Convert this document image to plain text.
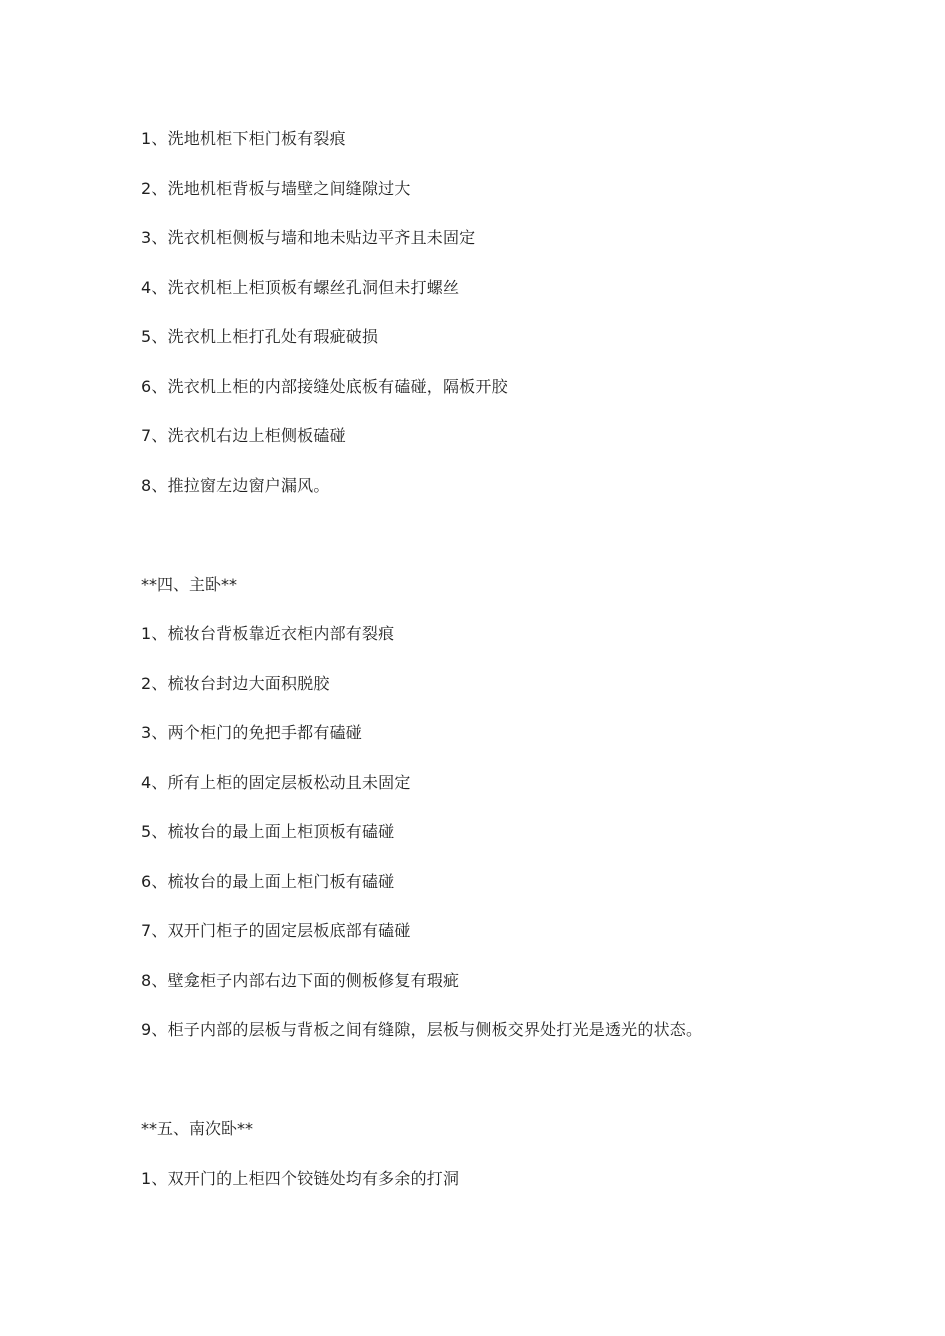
1、洗地机柜下柜门板有裂痕
2、洗地机柜背板与墙壁之间缝隙过大
3、洗衣机柜侧板与墙和地未贴边平齐且未固定
4、洗衣机柜上柜顶板有螺丝孔洞但未打螺丝
5、洗衣机上柜打孔处有瑕疵破损
6、洗衣机上柜的内部接缝处底板有磕碰，隔板开胶
7、洗衣机右边上柜侧板磕碰
8、推拉窗左边窗户漏风。
**四、主卧**
1、梳妆台背板靠近衣柜内部有裂痕
2、梳妆台封边大面积脱胶
3、两个柜门的免把手都有磕碰
4、所有上柜的固定层板松动且未固定
5、梳妆台的最上面上柜顶板有磕碰
6、梳妆台的最上面上柜门板有磕碰
7、双开门柜子的固定层板底部有磕碰
8、壁龛柜子内部右边下面的侧板修复有瑕疵
9、柜子内部的层板与背板之间有缝隙，层板与侧板交界处打光是透光的状态。
**五、南次卧**
1、双开门的上柜四个铰链处均有多余的打洞
